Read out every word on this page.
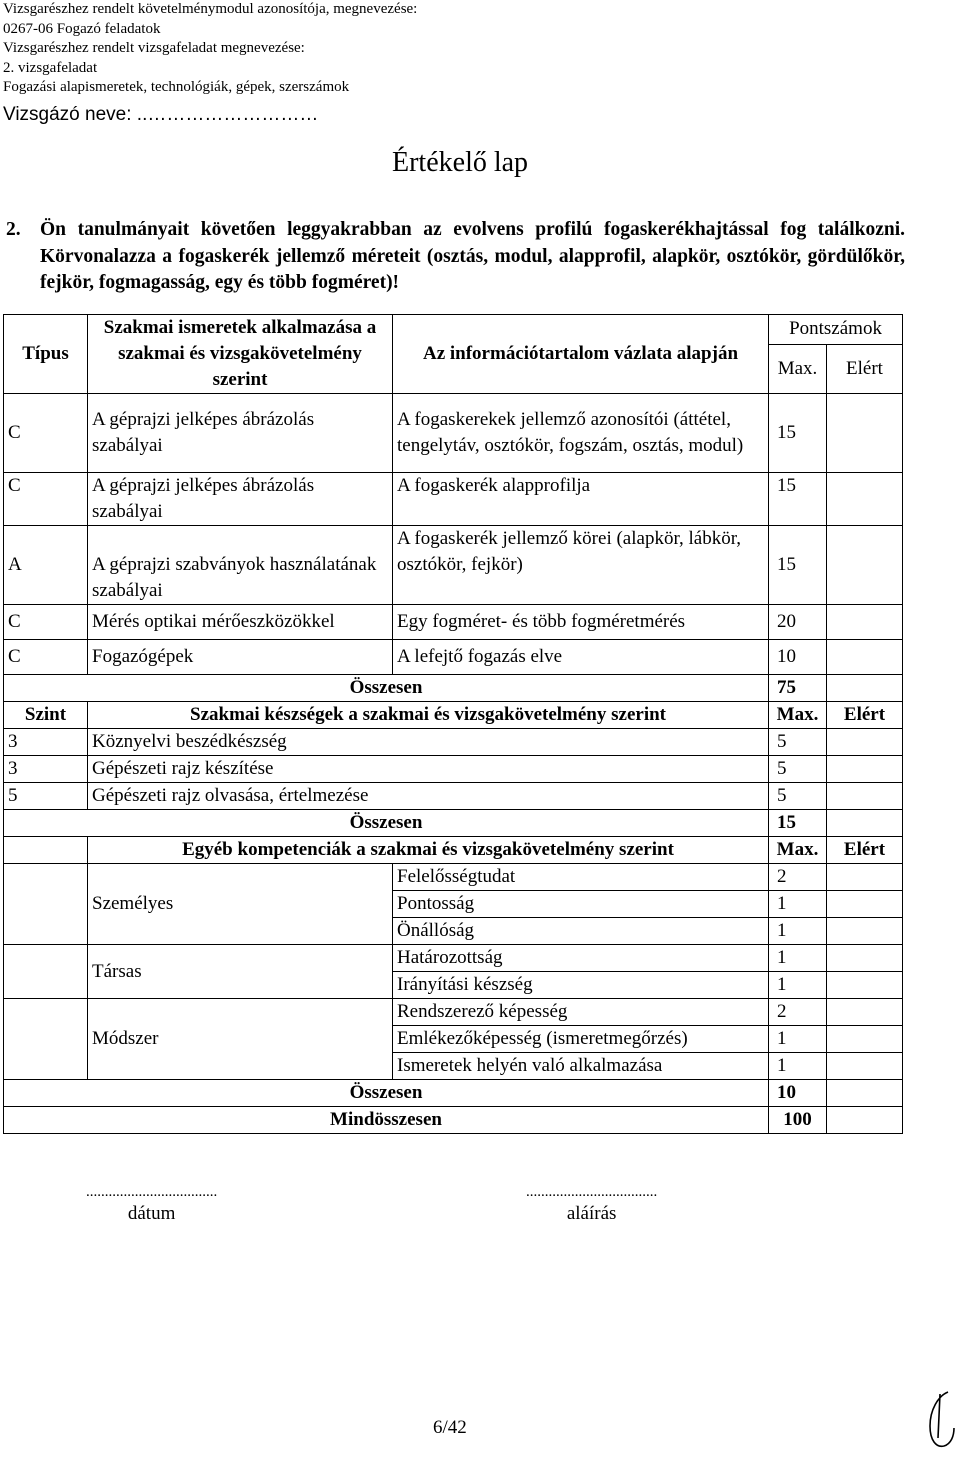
Vizsgarészhez rendelt követelménymodul azonosítója, megnevezése:
0267-06 Fogazó feladatok
Vizsgarészhez rendelt vizsgafeladat megnevezése:
2. vizsgafeladat
Fogazási alapismeretek, technológiák, gépek, szerszámok
Vizsgázó neve: ..………………………
Értékelő lap
2. Ön tanulmányait követően leggyakrabban az evolvens profilú fogaskerékhajtással fog találkozni. Körvonalazza a fogaskerék jellemző méreteit (osztás, modul, alapprofil, alapkör, osztókör, gördülőkör, fejkör, fogmagasság, egy és több fogméret)!

Típus	Szakmai ismeretek alkalmazása a szakmai és vizsgakövetelmény szerint	Az információtartalom vázlata alapján	Pontszámok	
			Max.	Elért
C	A géprajzi jelképes ábrázolás szabályai	A fogaskerekek jellemző azonosítói (áttétel, tengelytáv, osztókör, fogszám, osztás, modul)	15	
C	A géprajzi jelképes ábrázolás szabályai	A fogaskerék alapprofilja	15	
A	A géprajzi szabványok használatának szabályai	A fogaskerék jellemző körei (alapkör, lábkör, osztókör, fejkör)	15	
C	Mérés optikai mérőeszközökkel	Egy fogméret- és több fogméretmérés	20	
C	Fogazógépek	A lefejtő fogazás elve	10	
Összesen			75	
Szint	Szakmai készségek a szakmai és vizsgakövetelmény szerint		Max.	Elért
3	Köznyelvi beszédkészség		5	
3	Gépészeti rajz készítése		5	
5	Gépészeti rajz olvasása, értelmezése		5	
Összesen			15	
	Egyéb kompetenciák a szakmai és vizsgakövetelmény szerint		Max.	Elért
	Személyes	Felelősségtudat	2	
		Pontosság	1	
		Önállóság	1	
	Társas	Határozottság	1	
		Irányítási készség	1	
	Módszer	Rendszerező képesség	2	
		Emlékezőképesség (ismeretmegőrzés)	1	
		Ismeretek helyén való alkalmazása	1	
Összesen			10	
Mindösszesen			100	
...................................
dátum
...................................
aláírás
6/42
